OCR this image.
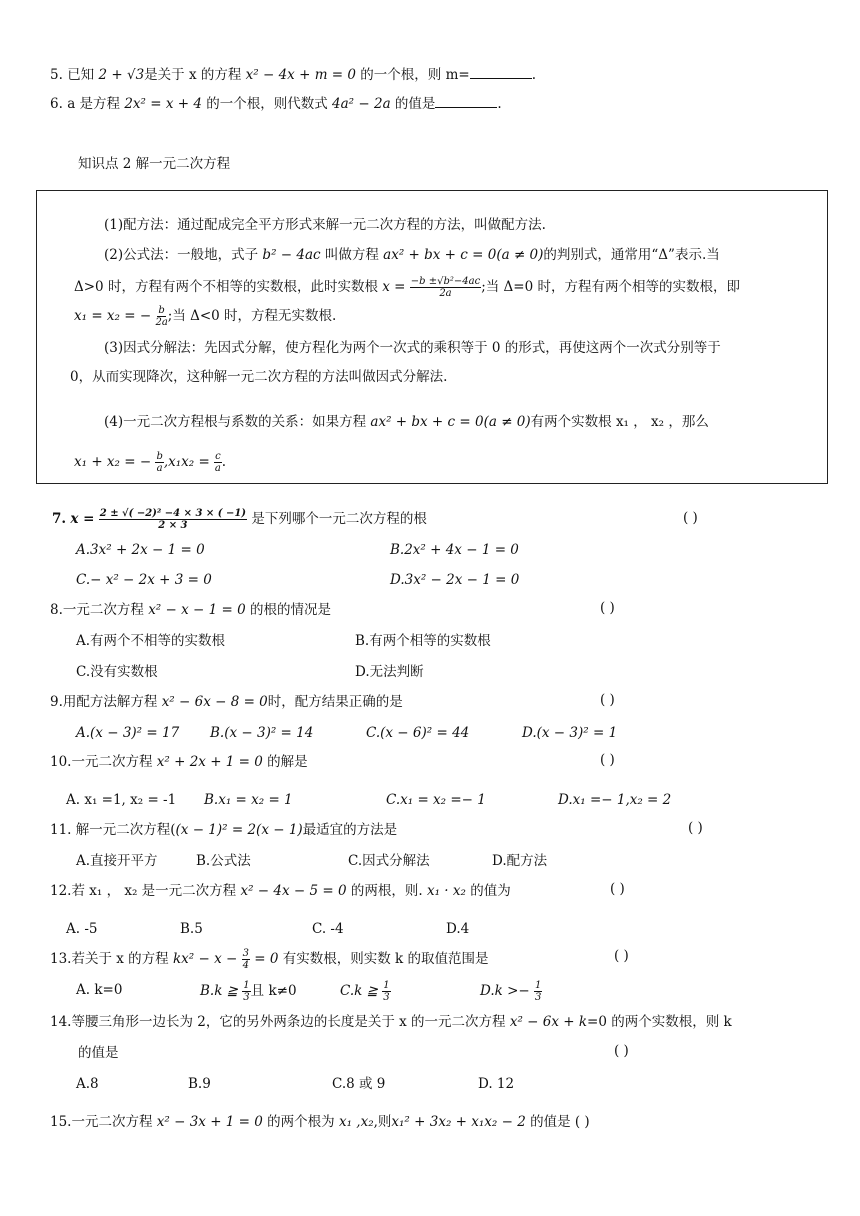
5. 已知 2 + √3是关于 x 的方程 x² − 4x + m = 0 的一个根，则 m=	.
6. a 是方程 2x² = x + 4 的一个根，则代数式 4a² − 2a 的值是	.
知识点 2 解一元二次方程
(1)配方法：通过配成完全平方形式来解一元二次方程的方法，叫做配方法.
(2)公式法：一般地，式子 b² − 4ac 叫做方程 ax² + bx + c = 0(a ≠ 0)的判别式，通常用“Δ”表示.当
Δ>0 时，方程有两个不相等的实数根，此时实数根 $x = \frac{\text{−b ±√b²−4ac}}{2a}$ ;当 Δ=0 时，方程有两个相等的实数根，即
x₁ = x₂ = − $\frac{b}{2a}$ ;当 Δ<0 时，方程无实数根.
(3)因式分解法：先因式分解，使方程化为两个一次式的乘积等于 0 的形式，再使这两个一次式分别等于
0，从而实现降次，这种解一元二次方程的方法叫做因式分解法.
(4)一元二次方程根与系数的关系：如果方程 ax² + bx + c = 0(a ≠ 0)有两个实数根 x₁ ， x₂ ，那么
x₁ + x₂ = − $\frac{b}{a} ,x_1x_2 = \frac{c}{a}$ .
7. $x = \frac{\text{2 ± √( −2)² −4 × 3 × ( −1)}}{2 \times 3}$ 是下列哪个一元二次方程的根	( )
A.3x² + 2x − 1 = 0	B.2x² + 4x − 1 = 0
C.− x² − 2x + 3 = 0	D.3x² − 2x − 1 = 0
8.一元二次方程 x² − x − 1 = 0 的根的情况是	( )
A.有两个不相等的实数根	B.有两个相等的实数根
C.没有实数根	D.无法判断
9.用配方法解方程 x² − 6x − 8 = 0时，配方结果正确的是	( )
A.(x − 3)² = 17 B.(x − 3)² = 14	C.(x − 6)² = 44	D.(x − 3)² = 1
10.一元二次方程 x² + 2x + 1 = 0 的解是	( )
A. x₁ =1, x₂ = -1 B.x₁ = x₂ = 1	C.x₁ = x₂ =− 1	D.x₁ =− 1,x₂ = 2
11. 解一元二次方程((x − 1)² = 2(x − 1)最适宜的方法是	( )
A.直接开平方	B.公式法	C.因式分解法	D.配方法
12.若 x₁ ， x₂ 是一元二次方程 x² − 4x − 5 = 0 的两根，则. x₁ · x₂ 的值为	( )
A. -5	B.5	C. -4	D.4
13.若关于 x 的方程 $kx^2 - x - \frac{3}{4} = 0$ 有实数根，则实数 k 的取值范围是	( )
A. k=0	B.k ≧ $\frac{1}{3}$ 且 k≠0	C.k ≧ $\frac{1}{3}$	$D.k >- \frac{1}{3}$
14.等腰三角形一边长为 2，它的另外两条边的长度是关于 x 的一元二次方程 x² − 6x + k=0 的两个实数根，则 k
的值是	( )
A.8	B.9	C.8 或 9	D. 12
15.一元二次方程 x² − 3x + 1 = 0 的两个根为 x₁ ,x₂,则x₁² + 3x₂ + x₁x₂ − 2 的值是 ( )
